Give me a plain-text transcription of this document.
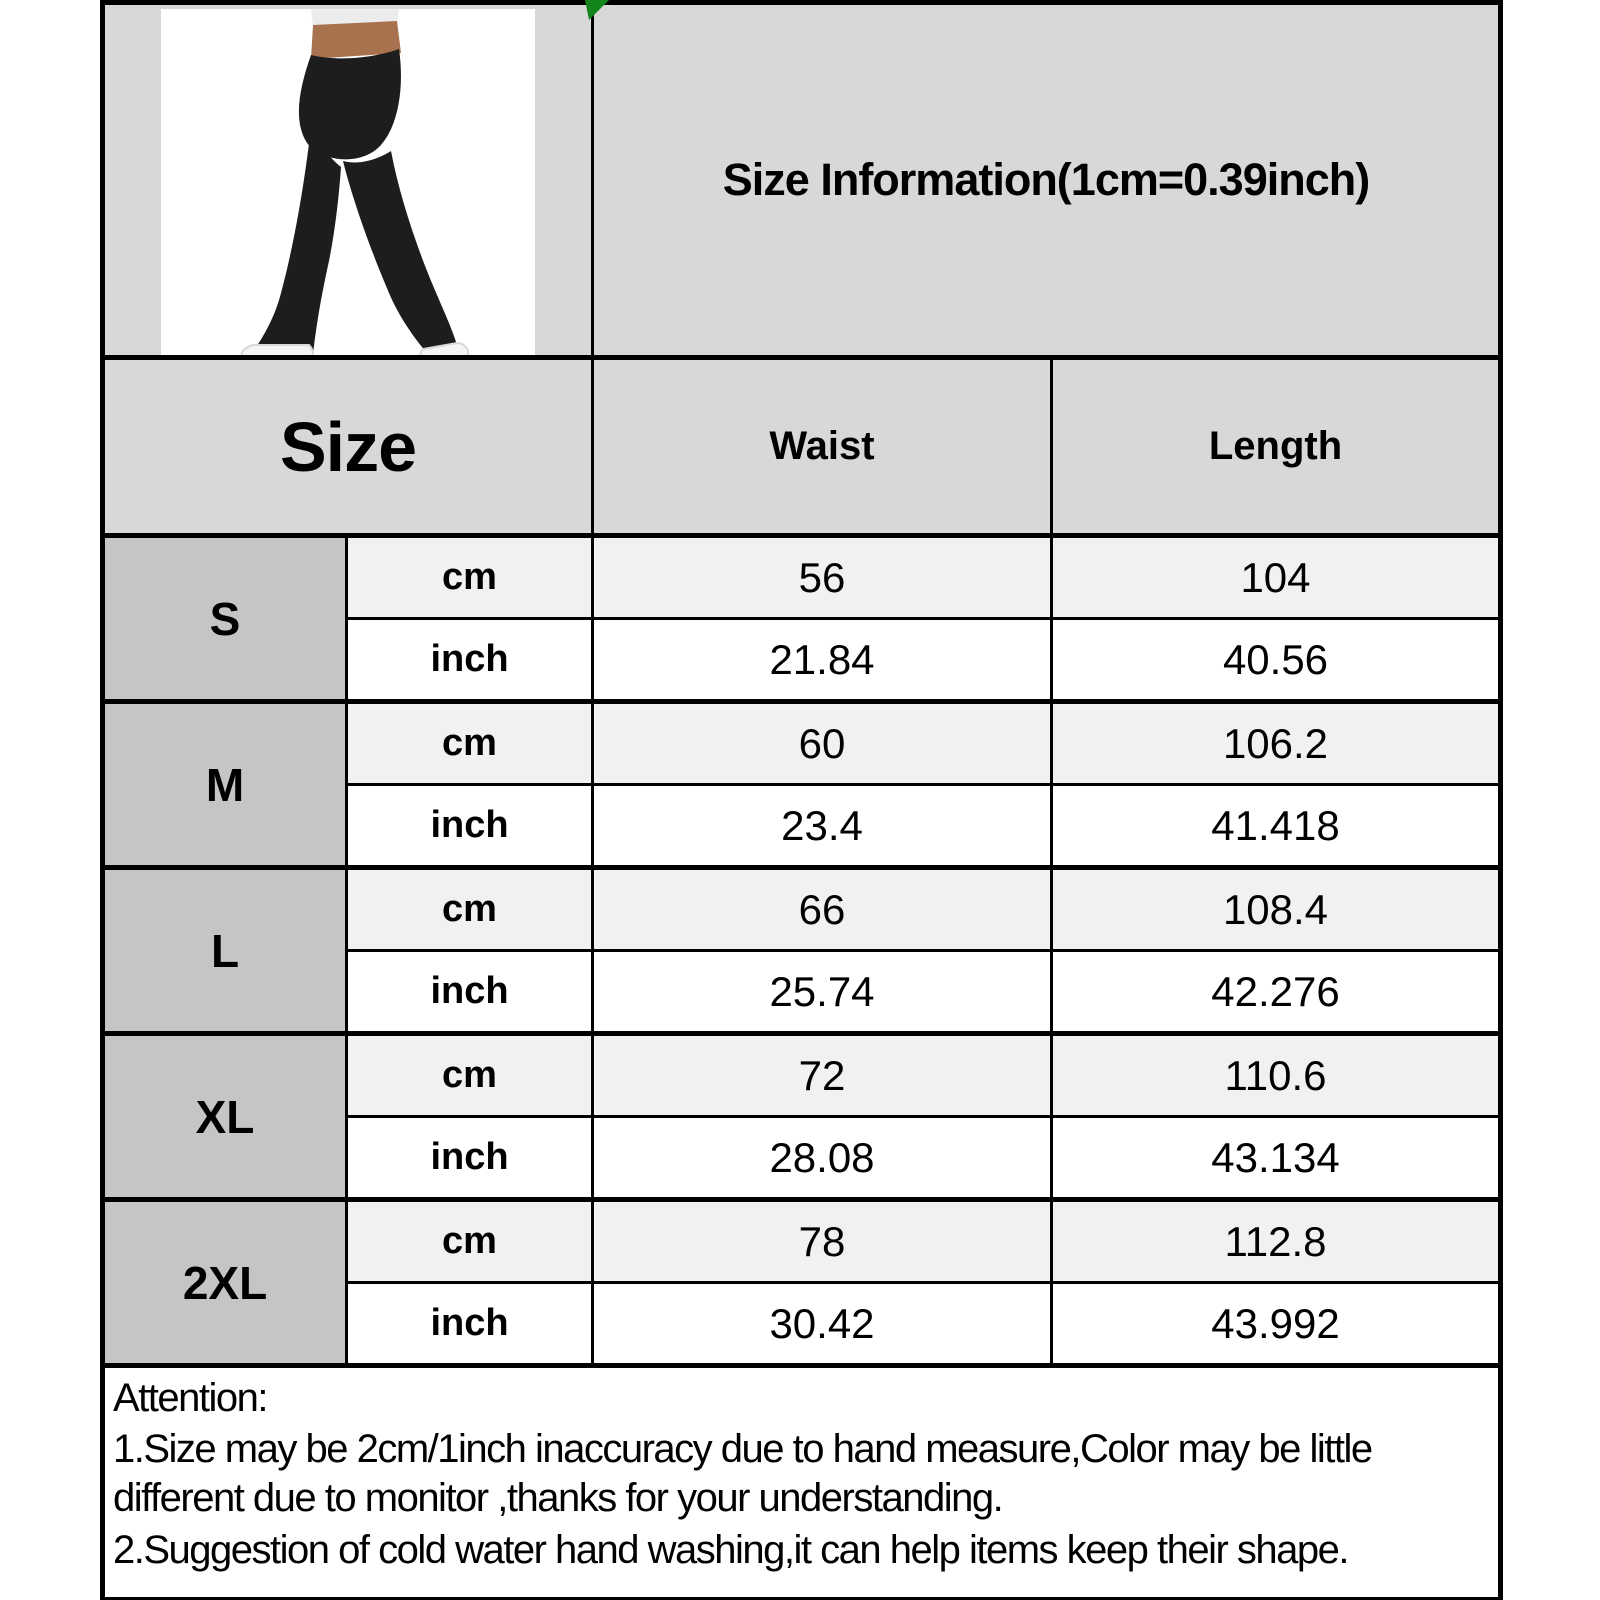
	Size Information(1cm=0.39inch)	
Size		Waist	Length
S	cm	56	104
	inch	21.84	40.56
M	cm	60	106.2
	inch	23.4	41.418
L	cm	66	108.4
	inch	25.74	42.276
XL	cm	72	110.6
	inch	28.08	43.134
2XL	cm	78	112.8
	inch	30.42	43.992

Attention:

1.Size may be 2cm/1inch inaccuracy due to hand measure,Color may be little different due to monitor ,thanks for your understanding.

2.Suggestion of cold water hand washing,it can help items keep their shape.			
